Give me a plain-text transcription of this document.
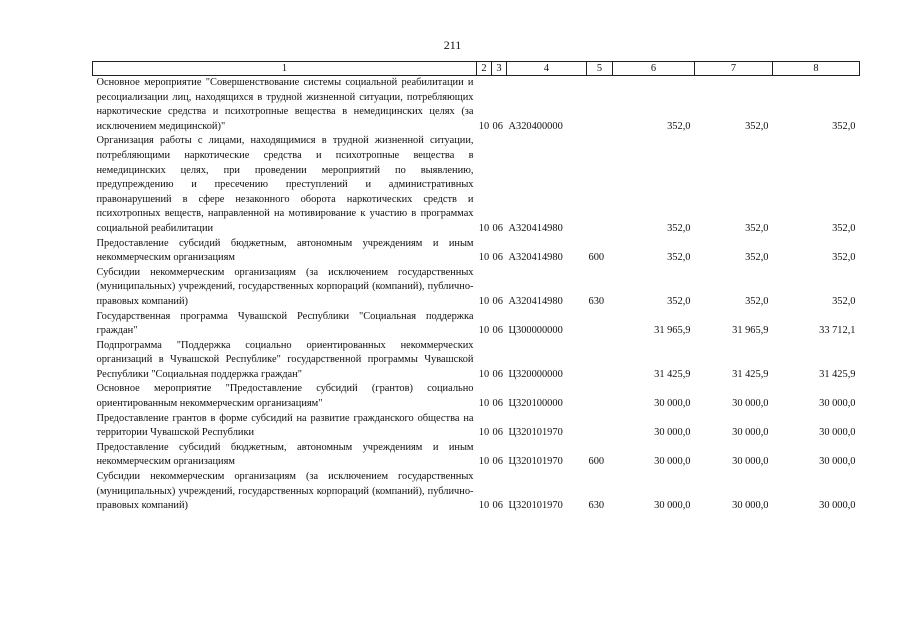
211
1	2	3	4	5	6	7	8
Основное мероприятие "Совершенствование системы социальной реабилитации и ресоциализации лиц, находящихся в трудной жизненной ситуации, потребляющих наркотические средства и психотропные вещества в немедицинских целях (за исключением медицинской)"	10	06	А320400000		352,0	352,0	352,0
Организация работы с лицами, находящимися в трудной жизненной ситуации, потребляющими наркотические средства и психотропные вещества в немедицинских целях, при проведении мероприятий по выявлению, предупреждению и пресечению преступлений и административных правонарушений в сфере незаконного оборота наркотических средств и психотропных веществ, направленной на мотивирование к участию в программах социальной реабилитации	10	06	А320414980		352,0	352,0	352,0
Предоставление субсидий бюджетным, автономным учреждениям и иным некоммерческим организациям	10	06	А320414980	600	352,0	352,0	352,0
Субсидии некоммерческим организациям (за исключением государственных (муниципальных) учреждений, государственных корпораций (компаний), публично-правовых компаний)	10	06	А320414980	630	352,0	352,0	352,0
Государственная программа Чувашской Республики "Социальная поддержка граждан"	10	06	Ц300000000		31 965,9	31 965,9	33 712,1
Подпрограмма "Поддержка социально ориентированных некоммерческих организаций в Чувашской Республике" государственной программы Чувашской Республики "Социальная поддержка граждан"	10	06	Ц320000000		31 425,9	31 425,9	31 425,9
Основное мероприятие "Предоставление субсидий (грантов) социально ориентированным некоммерческим организациям"	10	06	Ц320100000		30 000,0	30 000,0	30 000,0
Предоставление грантов в форме субсидий на развитие гражданского общества на территории Чувашской Республики	10	06	Ц320101970		30 000,0	30 000,0	30 000,0
Предоставление субсидий бюджетным, автономным учреждениям и иным некоммерческим организациям	10	06	Ц320101970	600	30 000,0	30 000,0	30 000,0
Субсидии некоммерческим организациям (за исключением государственных (муниципальных) учреждений, государственных корпораций (компаний), публично-правовых компаний)	10	06	Ц320101970	630	30 000,0	30 000,0	30 000,0
